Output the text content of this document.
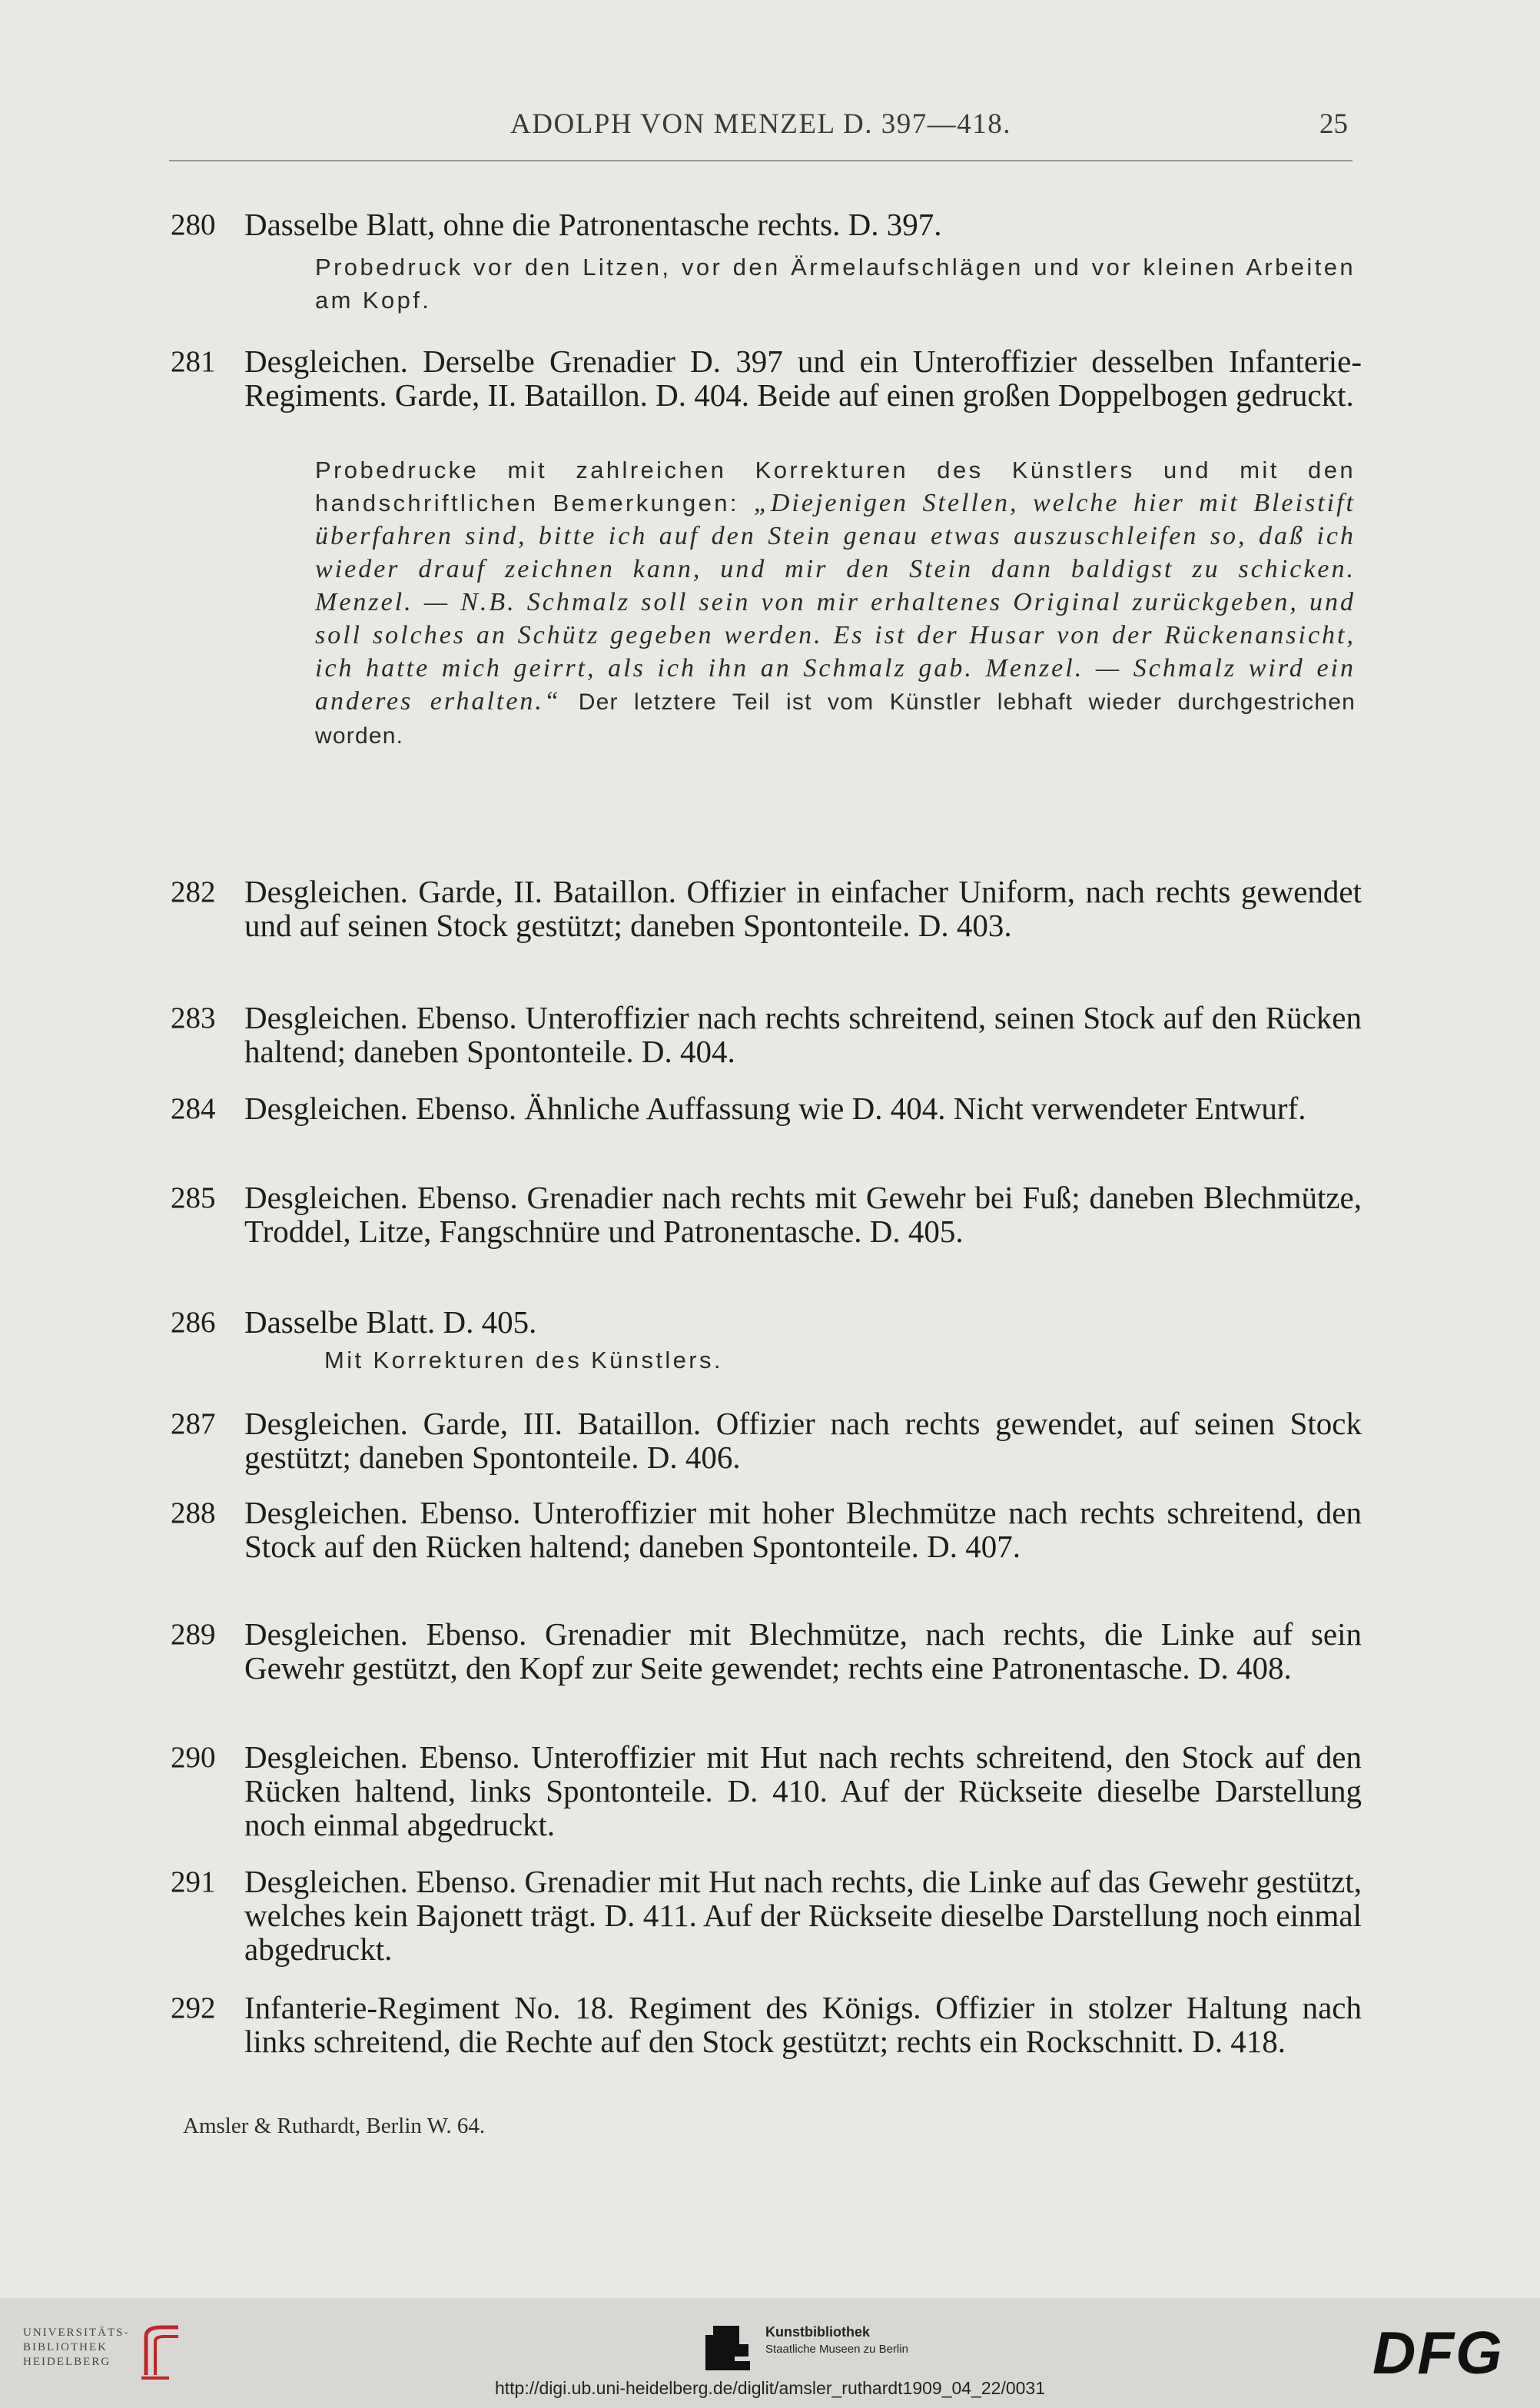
ADOLPH VON MENZEL D. 397—418.	25
280 Dasselbe Blatt, ohne die Patronentasche rechts. D. 397.
Probedruck vor den Litzen, vor den Ärmelaufschlägen und vor kleinen Arbeiten am Kopf.
281 Desgleichen. Derselbe Grenadier D. 397 und ein Unteroffizier desselben Infanterie-Regiments. Garde, II. Bataillon. D. 404. Beide auf einen großen Doppelbogen gedruckt.
Probedrucke mit zahlreichen Korrekturen des Künstlers und mit den handschriftlichen Bemerkungen: „Diejenigen Stellen, welche hier mit Bleistift überfahren sind, bitte ich auf den Stein genau etwas auszuschleifen so, daß ich wieder drauf zeichnen kann, und mir den Stein dann baldigst zu schicken. Menzel. — N.B. Schmalz soll sein von mir erhaltenes Original zurückgeben, und soll solches an Schütz gegeben werden. Es ist der Husar von der Rückenansicht, ich hatte mich geirrt, als ich ihn an Schmalz gab. Menzel. — Schmalz wird ein anderes erhalten.“ Der letztere Teil ist vom Künstler lebhaft wieder durchgestrichen worden.
282 Desgleichen. Garde, II. Bataillon. Offizier in einfacher Uniform, nach rechts gewendet und auf seinen Stock gestützt; daneben Spontonteile. D. 403.
283 Desgleichen. Ebenso. Unteroffizier nach rechts schreitend, seinen Stock auf den Rücken haltend; daneben Spontonteile. D. 404.
284 Desgleichen. Ebenso. Ähnliche Auffassung wie D. 404. Nicht verwendeter Entwurf.
285 Desgleichen. Ebenso. Grenadier nach rechts mit Gewehr bei Fuß; daneben Blechmütze, Troddel, Litze, Fangschnüre und Patronentasche. D. 405.
286 Dasselbe Blatt. D. 405.
Mit Korrekturen des Künstlers.
287 Desgleichen. Garde, III. Bataillon. Offizier nach rechts gewendet, auf seinen Stock gestützt; daneben Spontonteile. D. 406.
288 Desgleichen. Ebenso. Unteroffizier mit hoher Blechmütze nach rechts schreitend, den Stock auf den Rücken haltend; daneben Spontonteile. D. 407.
289 Desgleichen. Ebenso. Grenadier mit Blechmütze, nach rechts, die Linke auf sein Gewehr gestützt, den Kopf zur Seite gewendet; rechts eine Patronentasche. D. 408.
290 Desgleichen. Ebenso. Unteroffizier mit Hut nach rechts schreitend, den Stock auf den Rücken haltend, links Spontonteile. D. 410. Auf der Rückseite dieselbe Darstellung noch einmal abgedruckt.
291 Desgleichen. Ebenso. Grenadier mit Hut nach rechts, die Linke auf das Gewehr gestützt, welches kein Bajonett trägt. D. 411. Auf der Rückseite dieselbe Darstellung noch einmal abgedruckt.
292 Infanterie-Regiment No. 18. Regiment des Königs. Offizier in stolzer Haltung nach links schreitend, die Rechte auf den Stock gestützt; rechts ein Rockschnitt. D. 418.
Amsler & Ruthardt, Berlin W. 64.
UNIVERSITÄTS-
BIBLIOTHEK
HEIDELBERG
Kunstbibliothek
Staatliche Museen zu Berlin	DFG
http://digi.ub.uni-heidelberg.de/diglit/amsler_ruthardt1909_04_22/0031
